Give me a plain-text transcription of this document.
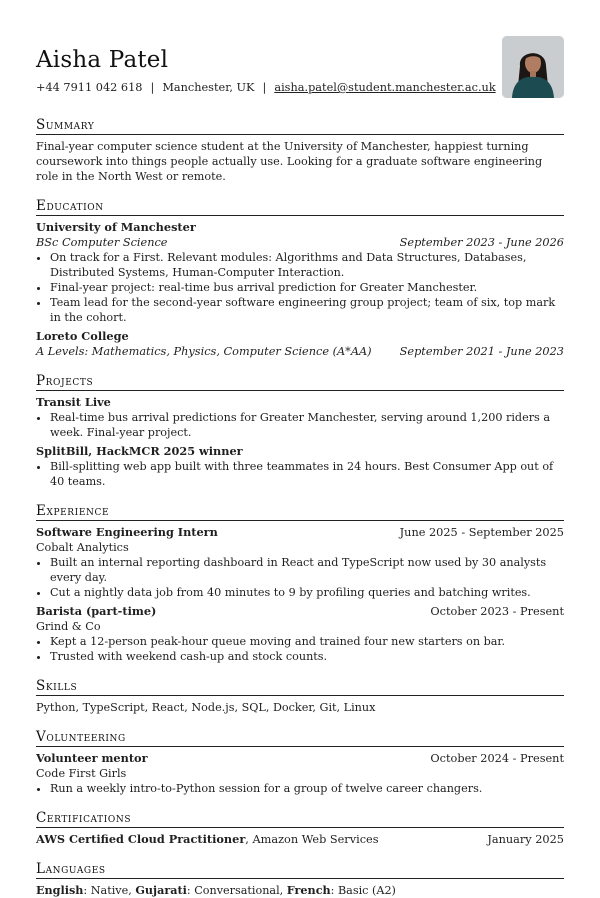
Aisha Patel
+44 7911 042 618 | Manchester, UK | aisha.patel@student.manchester.ac.uk
Summary
Final-year computer science student at the University of Manchester, happiest turning coursework into things people actually use. Looking for a graduate software engineering role in the North West or remote.
Education
University of Manchester
BSc Computer Science	September 2023 - June 2026
• On track for a First. Relevant modules: Algorithms and Data Structures, Databases, Distributed Systems, Human-Computer Interaction.
• Final-year project: real-time bus arrival prediction for Greater Manchester.
• Team lead for the second-year software engineering group project; team of six, top mark in the cohort.
Loreto College
A Levels: Mathematics, Physics, Computer Science (A*AA) September 2021 - June 2023
Projects
Transit Live
• Real-time bus arrival predictions for Greater Manchester, serving around 1,200 riders a week. Final-year project.
SplitBill, HackMCR 2025 winner
• Bill-splitting web app built with three teammates in 24 hours. Best Consumer App out of 40 teams.
Experience
Software Engineering Intern	June 2025 - September 2025
Cobalt Analytics
• Built an internal reporting dashboard in React and TypeScript now used by 30 analysts every day.
• Cut a nightly data job from 40 minutes to 9 by profiling queries and batching writes.
Barista (part-time)	October 2023 - Present
Grind & Co
• Kept a 12-person peak-hour queue moving and trained four new starters on bar.
• Trusted with weekend cash-up and stock counts.
Skills
Python, TypeScript, React, Node.js, SQL, Docker, Git, Linux
Volunteering
Volunteer mentor	October 2024 - Present
Code First Girls
• Run a weekly intro-to-Python session for a group of twelve career changers.
Certifications
AWS Certified Cloud Practitioner, Amazon Web Services	January 2025
Languages
English: Native, Gujarati: Conversational, French: Basic (A2)
